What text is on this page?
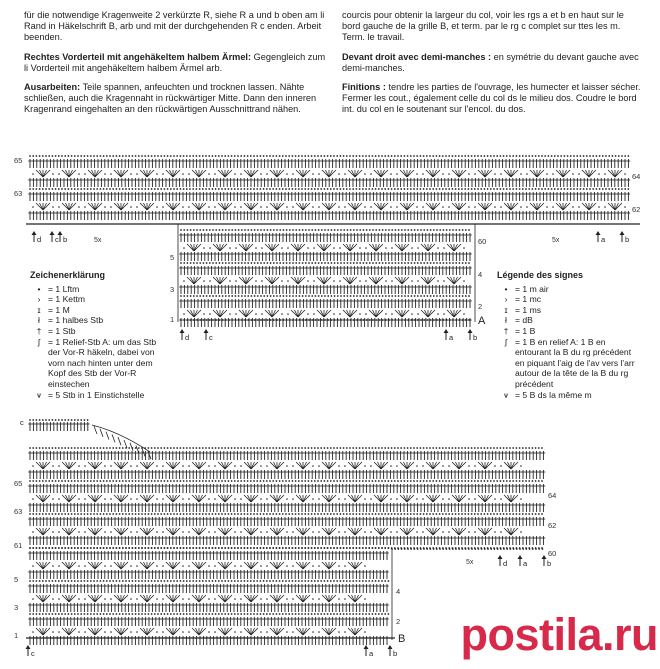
für die notwendige Kragenweite 2 verkürzte R, siehe R a und b oben am li Rand in Häkelschrift B, arb und mit der durchgehenden R c enden. Arbeit beenden.

Rechtes Vorderteil mit angehäkeltem halbem Ärmel: Gegengleich zum li Vorderteil mit angehäkeltem halbem Ärmel arb.

Ausarbeiten: Teile spannen, anfeuchten und trocknen lassen. Nähte schließen, auch die Kragennaht in rückwärtiger Mitte. Dann den inneren Kragenrand eingehalten an den rückwärtigen Ausschnittrand nähen.

courcis pour obtenir la largeur du col, voir les rgs a et b en haut sur le bord gauche de la grille B, et term. par le rg c complet sur ttes les m. Term. le travail.

Devant droit avec demi-manches : en symétrie du devant gauche avec demi-manches.

Finitions : tendre les parties de l'ouvrage, les humecter et laisser sécher. Fermer les cout., également celle du col ds le milieu dos. Coudre le bord int. du col en le soutenant sur l'encol. du dos.

65
63
64
62
5
3
1
60
4
2
A
d c b	a	b
d	c	a	b
5x	5x
c
65
63
61
5
3
1
64
62
60
4
2
B
c	a	b
d a	b
5x
Zeichenerklärung
• = 1 Lftm
› = 1 Kettm
ɪ = 1 M
ł = 1 halbes Stb
† = 1 Stb
ʃ = 1 Relief-Stb A: um das Stb der Vor-R häkeln, dabei von vorn nach hinten unter dem Kopf des Stb der Vor-R einstechen
⩛ = 5 Stb in 1 Einstichstelle
Légende des signes
• = 1 m air
› = 1 mc
ɪ = 1 ms
ł = dB
† = 1 B
ʃ = 1 B en relief A: 1 B en entourant la B du rg précédent en piquant l'aig de l'av vers l'arr autour de la tête de la B du rg précédent
⩛ = 5 B ds la même m
postila.ru
